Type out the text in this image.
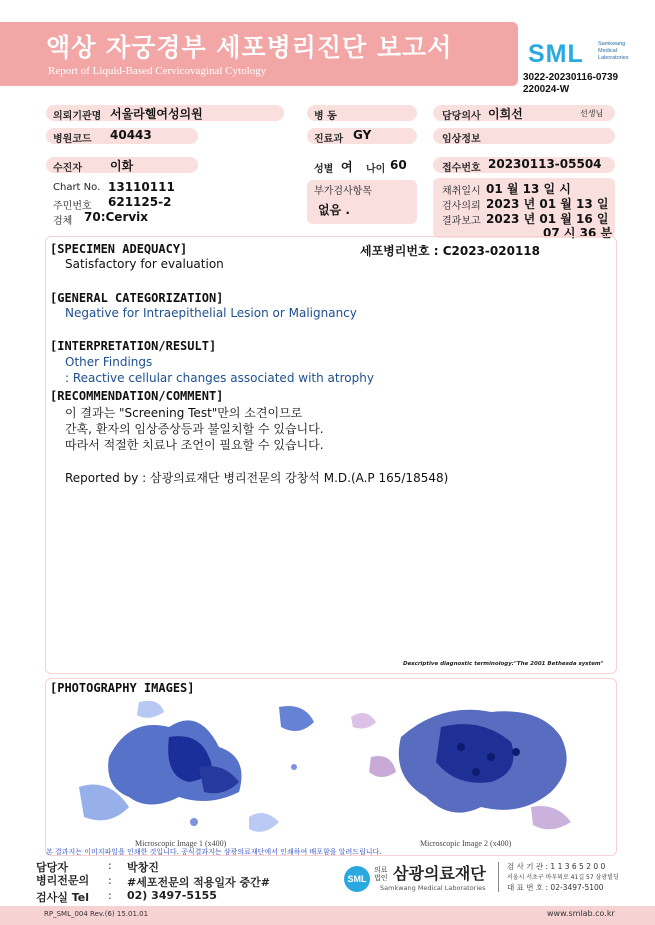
액상 자궁경부 세포병리진단 보고서
Report of Liquid-Based Cervicovaginal Cytology
SML	Samkwang
Medical
Laboratories
3022-20230116-0739
220024-W
의뢰기관명 서울라헬여성의원	병 동	담당의사 이희선	선생님
병원코드 40443	진료과 GY	임상정보
수진자 이화	성별 여 나이 60	접수번호 20230113-05504
Chart No. 13110111
주민번호 621125-2
검체 70:Cervix
부가검사항목
없음 .
채취일시 01 월 13 일 시
검사의뢰 2023 년 01 월 13 일
결과보고 2023 년 01 월 16 일
07 시 36 분
[SPECIMEN ADEQUACY]	세포병리번호 : C2023-020118
Satisfactory for evaluation
[GENERAL CATEGORIZATION]
Negative for Intraepithelial Lesion or Malignancy
[INTERPRETATION/RESULT]
Other Findings
: Reactive cellular changes associated with atrophy
[RECOMMENDATION/COMMENT]
이 결과는 "Screening Test"만의 소견이므로
간혹, 환자의 임상증상등과 불일치할 수 있습니다.
따라서 적절한 치료나 조언이 필요할 수 있습니다.
Reported by : 삼광의료재단 병리전문의 강창석 M.D.(A.P 165/18548)
Descriptive diagnostic terminology:"The 2001 Bethesda system"
[PHOTOGRAPHY IMAGES]
Microscopic Image 1 (x400)	Microscopic Image 2 (x400)
본 결과지는 이미지파일을 인쇄한 것입니다. 공식결과지는 삼광의료재단에서 인쇄하여 배포함을 알려드립니다.
담당자	: 박창진
병리전문의 : #세포전문의 적용일자 중간#
검사실 Tel : 02) 3497-5155
SML
의료법인 삼광의료재단
Samkwang Medical Laboratories
검 사 기 관 : 1 1 3 6 5 2 0 0
서울시 서초구 바우뫼로 41길 57 삼광빌딩
대 표 번 호 : 02-3497-5100
RP_SML_004 Rev.(6) 15.01.01	www.smlab.co.kr
